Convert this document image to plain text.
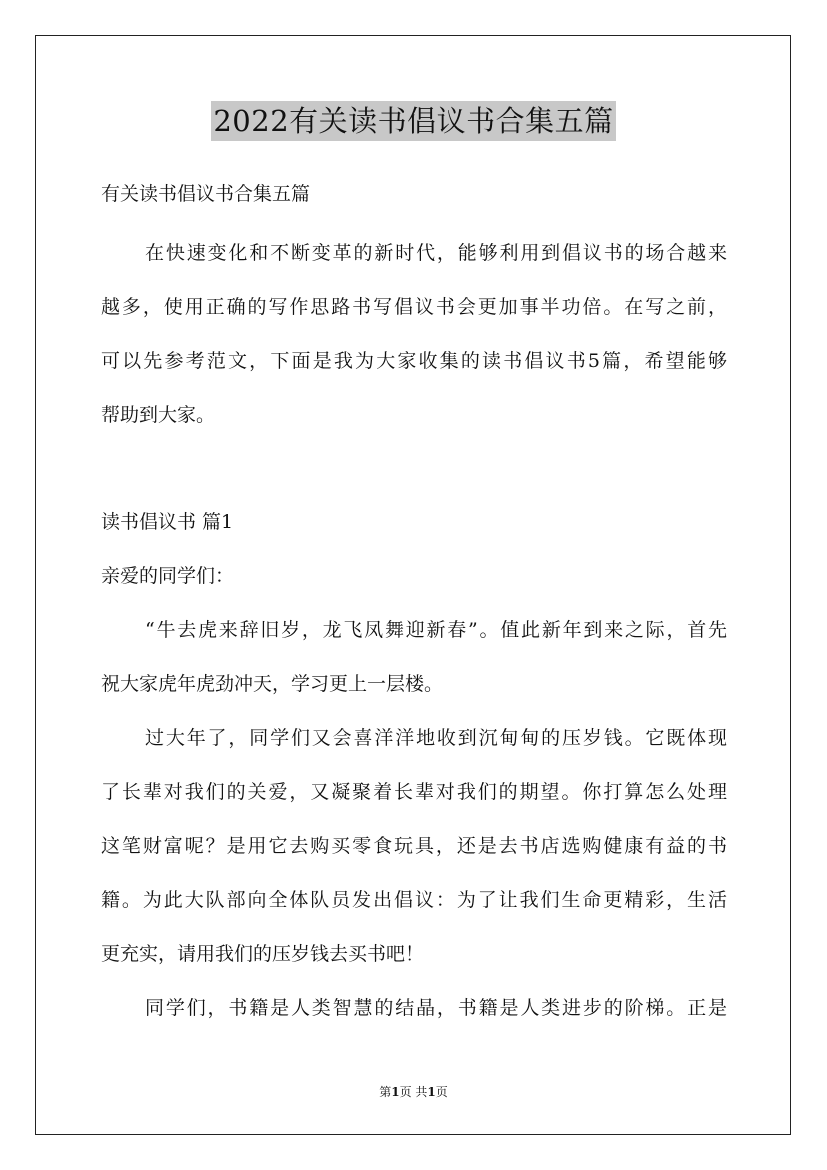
2022有关读书倡议书合集五篇
有关读书倡议书合集五篇
在快速变化和不断变革的新时代，能够利用到倡议书的场合越来
越多，使用正确的写作思路书写倡议书会更加事半功倍。在写之前，
可以先参考范文，下面是我为大家收集的读书倡议书5篇，希望能够
帮助到大家。
读书倡议书 篇1
亲爱的同学们：
“牛去虎来辞旧岁，龙飞凤舞迎新春”。值此新年到来之际，首先
祝大家虎年虎劲冲天，学习更上一层楼。
过大年了，同学们又会喜洋洋地收到沉甸甸的压岁钱。它既体现
了长辈对我们的关爱，又凝聚着长辈对我们的期望。你打算怎么处理
这笔财富呢？是用它去购买零食玩具，还是去书店选购健康有益的书
籍。为此大队部向全体队员发出倡议：为了让我们生命更精彩，生活
更充实，请用我们的压岁钱去买书吧！
同学们，书籍是人类智慧的结晶，书籍是人类进步的阶梯。正是
第1页 共1页
